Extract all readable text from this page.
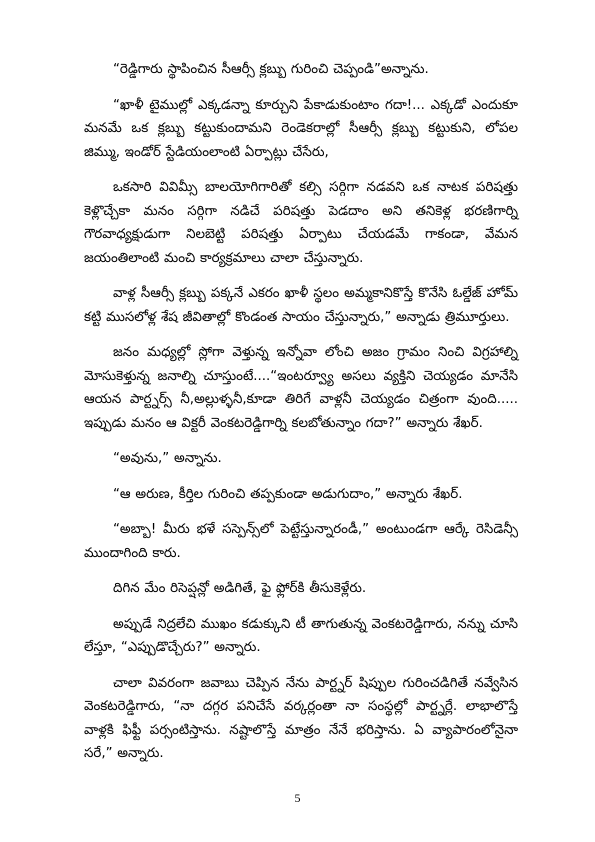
“రెడ్డిగారు స్థాపించిన సీఆర్సీ క్లబ్బు గురించి చెప్పండి”అన్నాను.

“ఖాళీ టైముల్లో ఎక్కడన్నా కూర్చుని పేకాడుకుంటాం గదా!... ఎక్కడో ఎందుకూ మనమే ఒక క్లబ్బు కట్టుకుందామని రెండెకరాల్లో సీఆర్సీ క్లబ్బు కట్టుకుని, లోపల జిమ్ము, ఇండోర్ స్టేడియంలాంటి ఏర్పాట్లు చేసేరు,

ఒకసారి వివిమ్సీ బాలయోగిగారితో కల్సి సర్గిగా నడవని ఒక నాటక పరిషత్తు కెళ్లొచ్చేకా మనం సర్గిగా నడిచే పరిషత్తు పెడదాం అని తనికెళ్ల భరణిగార్ని గౌరవాధ్యక్షుడుగా నిలబెట్టి పరిషత్తు ఏర్పాటు చేయడమే గాకండా, వేమన జయంతిలాంటి మంచి కార్యక్రమాలు చాలా చేస్తున్నారు.

వాళ్ల సీఆర్సీ క్లబ్బు పక్కనే ఎకరం ఖాళీ స్థలం అమ్మకానికొస్తే కొనేసి ఓల్డేజ్ హోమ్ కట్టి ముసలోళ్ల శేష జీవితాల్లో కొండంత సాయం చేస్తున్నారు,” అన్నాడు త్రిమూర్తులు.

జనం మధ్యల్లో స్లోగా వెళ్తున్న ఇన్నోవా లోంచి అజం గ్రామం నించి విగ్రహాల్ని మోసుకెళ్తున్న జనాల్ని చూస్తుంటే....“ఇంటర్వ్యూ అసలు వ్యక్తిని చెయ్యడం మానేసి ఆయన పార్ట్నర్స్ నీ,అల్లుళ్ళనీ,కూడా తిరిగే వాళ్లనీ చెయ్యడం చిత్రంగా వుంది..... ఇప్పుడు మనం ఆ విక్టరీ వెంకటరెడ్డిగార్ని కలబోతున్నాం గదా?” అన్నారు శేఖర్.

“అవును,” అన్నాను.

“ఆ అరుణ, కీర్తిల గురించి తప్పకుండా అడుగుదాం,” అన్నారు శేఖర్.

“అబ్బా! మీరు భళే సస్పెన్స్‌లో పెట్టేస్తున్నారండీ,” అంటుండగా ఆర్కే రెసిడెన్సీ ముందాగింది కారు.

దిగిన మేం రిసెప్షన్లో అడిగితే, ఫై ఫ్లోర్‌కి తీసుకెళ్లేరు.

అప్పుడే నిద్రలేచి ముఖం కడుక్కుని టీ తాగుతున్న వెంకటరెడ్డిగారు, నన్ను చూసి లేస్తూ, “ఎప్పుడొచ్చేరు?” అన్నారు.

చాలా వివరంగా జవాబు చెప్పిన నేను పార్ట్నర్ షిప్పుల గురించడిగితే నవ్వేసిన వెంకటరెడ్డిగారు, “నా దగ్గర పనిచేసే వర్కర్లంతా నా సంస్థల్లో పార్ట్నర్లే. లాభాలొస్తే వాళ్లకి ఫిఫ్టీ పర్సంటిస్తాను. నష్టాలొస్తే మాత్రం నేనే భరిస్తాను. ఏ వ్యాపారంలోనైనా సరే,” అన్నారు.

5
